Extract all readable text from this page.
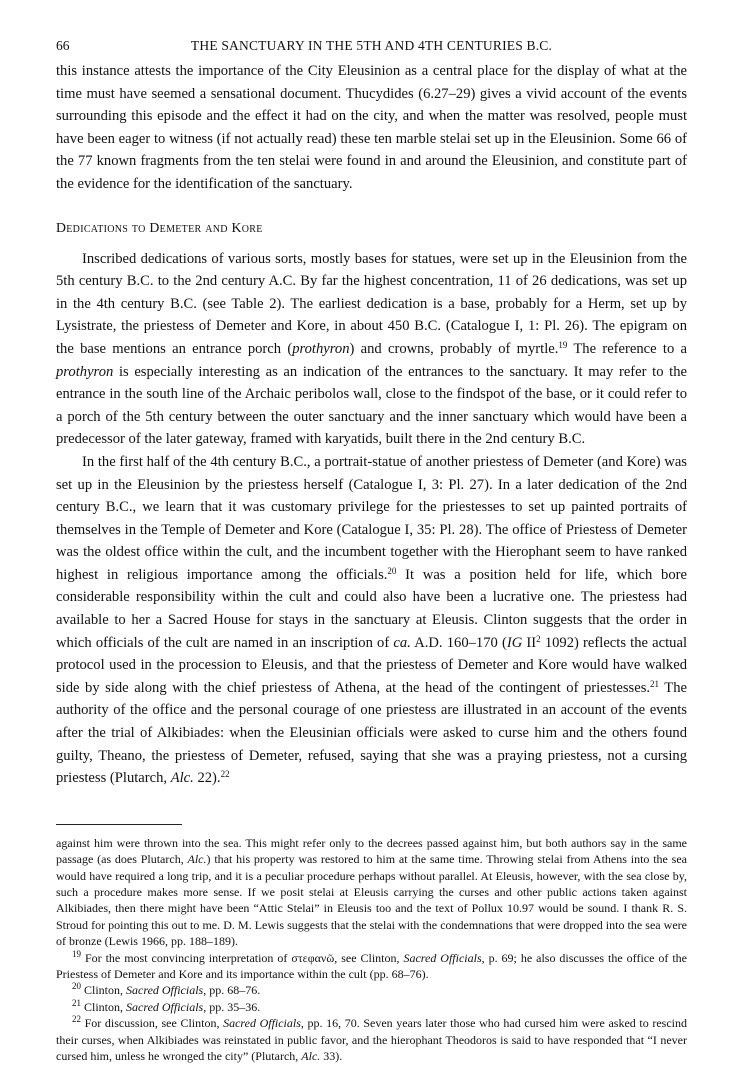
66	THE SANCTUARY IN THE 5TH AND 4TH CENTURIES B.C.

this instance attests the importance of the City Eleusinion as a central place for the display of what at the time must have seemed a sensational document. Thucydides (6.27–29) gives a vivid account of the events surrounding this episode and the effect it had on the city, and when the matter was resolved, people must have been eager to witness (if not actually read) these ten marble stelai set up in the Eleusinion. Some 66 of the 77 known fragments from the ten stelai were found in and around the Eleusinion, and constitute part of the evidence for the identification of the sanctuary.

Dedications to Demeter and Kore

Inscribed dedications of various sorts, mostly bases for statues, were set up in the Eleusinion from the 5th century B.C. to the 2nd century A.C. By far the highest concentration, 11 of 26 dedications, was set up in the 4th century B.C. (see Table 2). The earliest dedication is a base, probably for a Herm, set up by Lysistrate, the priestess of Demeter and Kore, in about 450 B.C. (Catalogue I, 1: Pl. 26). The epigram on the base mentions an entrance porch (prothyron) and crowns, probably of myrtle.$^{19}$ The reference to a prothyron is especially interesting as an indication of the entrances to the sanctuary. It may refer to the entrance in the south line of the Archaic peribolos wall, close to the findspot of the base, or it could refer to a porch of the 5th century between the outer sanctuary and the inner sanctuary which would have been a predecessor of the later gateway, framed with karyatids, built there in the 2nd century B.C.

In the first half of the 4th century B.C., a portrait-statue of another priestess of Demeter (and Kore) was set up in the Eleusinion by the priestess herself (Catalogue I, 3: Pl. 27). In a later dedication of the 2nd century B.C., we learn that it was customary privilege for the priestesses to set up painted portraits of themselves in the Temple of Demeter and Kore (Catalogue I, 35: Pl. 28). The office of Priestess of Demeter was the oldest office within the cult, and the incumbent together with the Hierophant seem to have ranked highest in religious importance among the officials.$^{20}$ It was a position held for life, which bore considerable responsibility within the cult and could also have been a lucrative one. The priestess had available to her a Sacred House for stays in the sanctuary at Eleusis. Clinton suggests that the order in which officials of the cult are named in an inscription of ca. A.D. 160–170 (IG $II^2$ 1092) reflects the actual protocol used in the procession to Eleusis, and that the priestess of Demeter and Kore would have walked side by side along with the chief priestess of Athena, at the head of the contingent of priestesses.$^{21}$ The authority of the office and the personal courage of one priestess are illustrated in an account of the events after the trial of Alkibiades: when the Eleusinian officials were asked to curse him and the others found guilty, Theano, the priestess of Demeter, refused, saying that she was a praying priestess, not a cursing priestess (Plutarch, Alc. 22).$^{22}$

against him were thrown into the sea. This might refer only to the decrees passed against him, but both authors say in the same passage (as does Plutarch, Alc.) that his property was restored to him at the same time. Throwing stelai from Athens into the sea would have required a long trip, and it is a peculiar procedure perhaps without parallel. At Eleusis, however, with the sea close by, such a procedure makes more sense. If we posit stelai at Eleusis carrying the curses and other public actions taken against Alkibiades, then there might have been “Attic Stelai” in Eleusis too and the text of Pollux 10.97 would be sound. I thank R. S. Stroud for pointing this out to me. D. M. Lewis suggests that the stelai with the condemnations that were dropped into the sea were of bronze (Lewis 1966, pp. 188–189).

$^{19}$ For the most convincing interpretation of στεφανῶ, see Clinton, Sacred Officials, p. 69; he also discusses the office of the Priestess of Demeter and Kore and its importance within the cult (pp. 68–76).

$^{20}$ Clinton, Sacred Officials, pp. 68–76.

$^{21}$ Clinton, Sacred Officials, pp. 35–36.

$^{22}$ For discussion, see Clinton, Sacred Officials, pp. 16, 70. Seven years later those who had cursed him were asked to rescind their curses, when Alkibiades was reinstated in public favor, and the hierophant Theodoros is said to have responded that “I never cursed him, unless he wronged the city” (Plutarch, Alc. 33).
